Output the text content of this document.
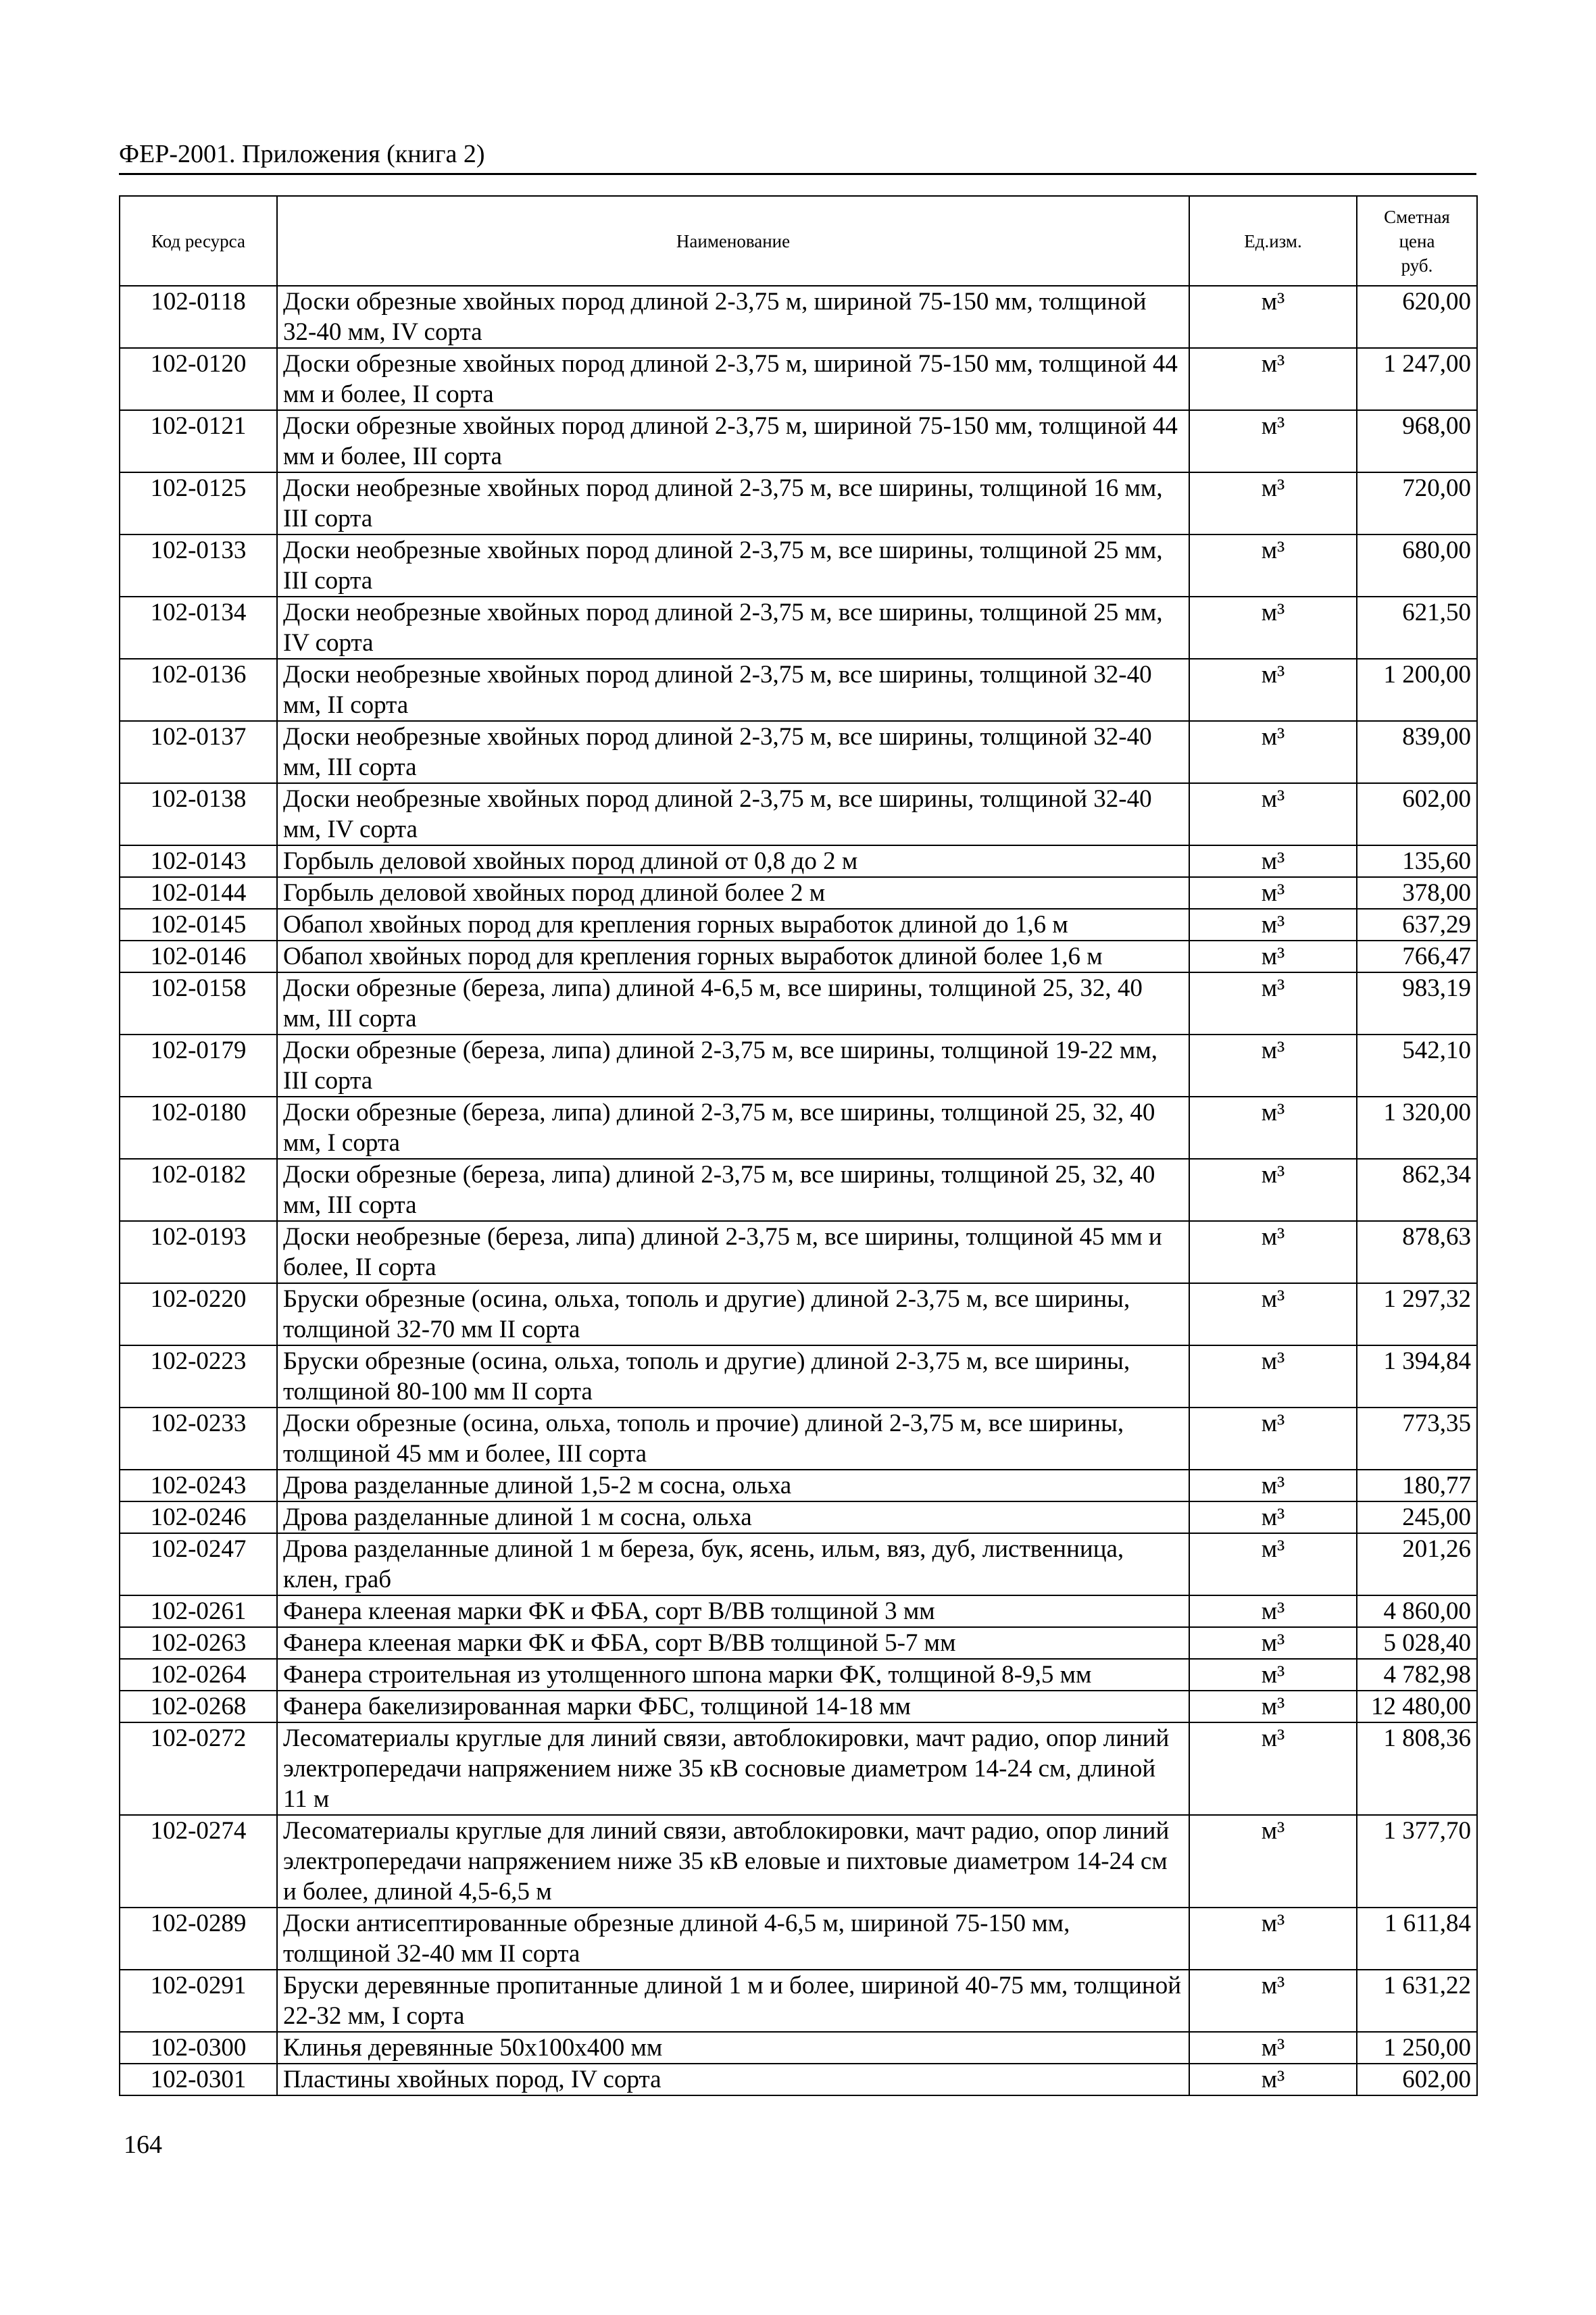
ФЕР-2001. Приложения (книга 2)
Код ресурса	Наименование	Ед.изм.	Сметная
цена
руб.
102-0118	Доски обрезные хвойных пород длиной 2-3,75 м, шириной 75-150 мм, толщиной 32-40 мм, IV сорта	м³	620,00
102-0120	Доски обрезные хвойных пород длиной 2-3,75 м, шириной 75-150 мм, толщиной 44 мм и более, II сорта	м³	1 247,00
102-0121	Доски обрезные хвойных пород длиной 2-3,75 м, шириной 75-150 мм, толщиной 44 мм и более, III сорта	м³	968,00
102-0125	Доски необрезные хвойных пород длиной 2-3,75 м, все ширины, толщиной 16 мм, III сорта	м³	720,00
102-0133	Доски необрезные хвойных пород длиной 2-3,75 м, все ширины, толщиной 25 мм, III сорта	м³	680,00
102-0134	Доски необрезные хвойных пород длиной 2-3,75 м, все ширины, толщиной 25 мм, IV сорта	м³	621,50
102-0136	Доски необрезные хвойных пород длиной 2-3,75 м, все ширины, толщиной 32-40 мм, II сорта	м³	1 200,00
102-0137	Доски необрезные хвойных пород длиной 2-3,75 м, все ширины, толщиной 32-40 мм, III сорта	м³	839,00
102-0138	Доски необрезные хвойных пород длиной 2-3,75 м, все ширины, толщиной 32-40 мм, IV сорта	м³	602,00
102-0143	Горбыль деловой хвойных пород длиной от 0,8 до 2 м	м³	135,60
102-0144	Горбыль деловой хвойных пород длиной более 2 м	м³	378,00
102-0145	Обапол хвойных пород для крепления горных выработок длиной до 1,6 м	м³	637,29
102-0146	Обапол хвойных пород для крепления горных выработок длиной более 1,6 м	м³	766,47
102-0158	Доски обрезные (береза, липа) длиной 4-6,5 м, все ширины, толщиной 25, 32, 40 мм, III сорта	м³	983,19
102-0179	Доски обрезные (береза, липа) длиной 2-3,75 м, все ширины, толщиной 19-22 мм, III сорта	м³	542,10
102-0180	Доски обрезные (береза, липа) длиной 2-3,75 м, все ширины, толщиной 25, 32, 40 мм, I сорта	м³	1 320,00
102-0182	Доски обрезные (береза, липа) длиной 2-3,75 м, все ширины, толщиной 25, 32, 40 мм, III сорта	м³	862,34
102-0193	Доски необрезные (береза, липа) длиной 2-3,75 м, все ширины, толщиной 45 мм и более, II сорта	м³	878,63
102-0220	Бруски обрезные (осина, ольха, тополь и другие) длиной 2-3,75 м, все ширины, толщиной 32-70 мм II сорта	м³	1 297,32
102-0223	Бруски обрезные (осина, ольха, тополь и другие) длиной 2-3,75 м, все ширины, толщиной 80-100 мм II сорта	м³	1 394,84
102-0233	Доски обрезные (осина, ольха, тополь и прочие) длиной 2-3,75 м, все ширины, толщиной 45 мм и более, III сорта	м³	773,35
102-0243	Дрова разделанные длиной 1,5-2 м сосна, ольха	м³	180,77
102-0246	Дрова разделанные длиной 1 м сосна, ольха	м³	245,00
102-0247	Дрова разделанные длиной 1 м береза, бук, ясень, ильм, вяз, дуб, лиственница, клен, граб	м³	201,26
102-0261	Фанера клееная марки ФК и ФБА, сорт В/ВВ толщиной 3 мм	м³	4 860,00
102-0263	Фанера клееная марки ФК и ФБА, сорт В/ВВ толщиной 5-7 мм	м³	5 028,40
102-0264	Фанера строительная из утолщенного шпона марки ФК, толщиной 8-9,5 мм	м³	4 782,98
102-0268	Фанера бакелизированная марки ФБС, толщиной 14-18 мм	м³	12 480,00
102-0272	Лесоматериалы круглые для линий связи, автоблокировки, мачт радио, опор линий электропередачи напряжением ниже 35 кВ сосновые диаметром 14-24 см, длиной 11 м	м³	1 808,36
102-0274	Лесоматериалы круглые для линий связи, автоблокировки, мачт радио, опор линий электропередачи напряжением ниже 35 кВ еловые и пихтовые диаметром 14-24 см и более, длиной 4,5-6,5 м	м³	1 377,70
102-0289	Доски антисептированные обрезные длиной 4-6,5 м, шириной 75-150 мм, толщиной 32-40 мм II сорта	м³	1 611,84
102-0291	Бруски деревянные пропитанные длиной 1 м и более, шириной 40-75 мм, толщиной 22-32 мм, I сорта	м³	1 631,22
102-0300	Клинья деревянные 50х100х400 мм	м³	1 250,00
102-0301	Пластины хвойных пород, IV сорта	м³	602,00
164
